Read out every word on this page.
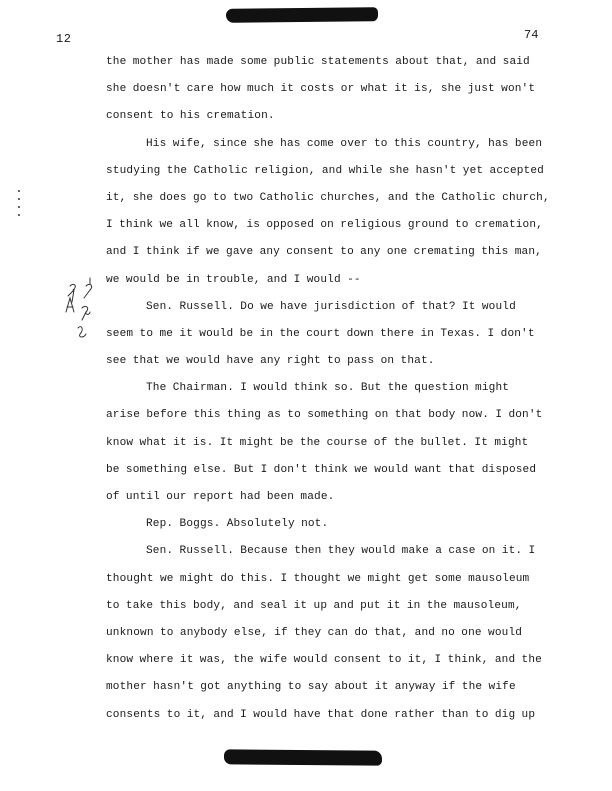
12	74
the mother has made some public statements about that, and said
she doesn't care how much it costs or what it is, she just won't
consent to his cremation.
His wife, since she has come over to this country, has been
studying the Catholic religion, and while she hasn't yet accepted
it, she does go to two Catholic churches, and the Catholic church,
I think we all know, is opposed on religious ground to cremation,
and I think if we gave any consent to any one cremating this man,
we would be in trouble, and I would --
Sen. Russell. Do we have jurisdiction of that? It would
seem to me it would be in the court down there in Texas. I don't
see that we would have any right to pass on that.
The Chairman. I would think so. But the question might
arise before this thing as to something on that body now. I don't
know what it is. It might be the course of the bullet. It might
be something else. But I don't think we would want that disposed
of until our report had been made.
Rep. Boggs. Absolutely not.
Sen. Russell. Because then they would make a case on it. I
thought we might do this. I thought we might get some mausoleum
to take this body, and seal it up and put it in the mausoleum,
unknown to anybody else, if they can do that, and no one would
know where it was, the wife would consent to it, I think, and the
mother hasn't got anything to say about it anyway if the wife
consents to it, and I would have that done rather than to dig up
